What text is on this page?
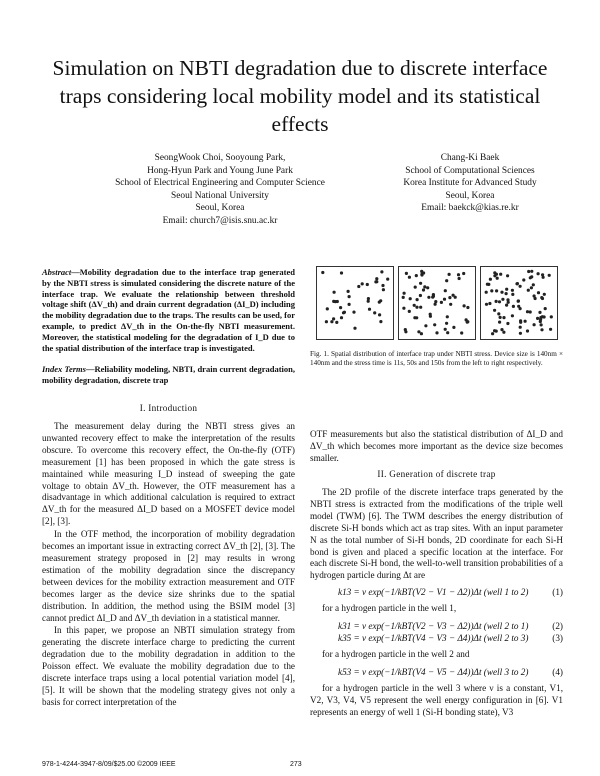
Simulation on NBTI degradation due to discrete interface traps considering local mobility model and its statistical effects
SeongWook Choi, Sooyoung Park,
Hong-Hyun Park and Young June Park
School of Electrical Engineering and Computer Science
Seoul National University
Seoul, Korea
Email: church7@isis.snu.ac.kr
Chang-Ki Baek
School of Computational Sciences
Korea Institute for Advanced Study
Seoul, Korea
Email: baekck@kias.re.kr
Abstract—Mobility degradation due to the interface trap generated by the NBTI stress is simulated considering the discrete nature of the interface trap. We evaluate the relationship between threshold voltage shift (ΔV_th) and drain current degradation (ΔI_D) including the mobility degradation due to the traps. The results can be used, for example, to predict ΔV_th in the On-the-fly NBTI measurement. Moreover, the statistical modeling for the degradation of I_D due to the spatial distribution of the interface trap is investigated.
Index Terms—Reliability modeling, NBTI, drain current degradation, mobility degradation, discrete trap
I. Introduction

The measurement delay during the NBTI stress gives an unwanted recovery effect to make the interpretation of the results obscure. To overcome this recovery effect, the On-the-fly (OTF) measurement [1] has been proposed in which the gate stress is maintained while measuring I_D instead of sweeping the gate voltage to obtain ΔV_th. However, the OTF measurement has a disadvantage in which additional calculation is required to extract ΔV_th for the measured ΔI_D based on a MOSFET device model [2], [3].

In the OTF method, the incorporation of mobility degradation becomes an important issue in extracting correct ΔV_th [2], [3]. The measurement strategy proposed in [2] may results in wrong estimation of the mobility degradation since the discrepancy between devices for the mobility extraction measurement and OTF becomes larger as the device size shrinks due to the spatial distribution. In addition, the method using the BSIM model [3] cannot predict ΔI_D and ΔV_th deviation in a statistical manner.

In this paper, we propose an NBTI simulation strategy from generating the discrete interface charge to predicting the current degradation due to the mobility degradation in addition to the Poisson effect. We evaluate the mobility degradation due to the discrete interface traps using a local potential variation model [4], [5]. It will be shown that the modeling strategy gives not only a basis for correct interpretation of the

Fig. 1. Spatial distribution of interface trap under NBTI stress. Device size is 140nm × 140nm and the stress time is 11s, 50s and 150s from the left to right respectively.

OTF measurements but also the statistical distribution of ΔI_D and ΔV_th which becomes more important as the device size becomes smaller.

II. Generation of discrete trap

The 2D profile of the discrete interface traps generated by the NBTI stress is extracted from the modifications of the triple well model (TWM) [6]. The TWM describes the energy distribution of discrete Si-H bonds which act as trap sites. With an input parameter N as the total number of Si-H bonds, 2D coordinate for each Si-H bond is given and placed a specific location at the interface. For each discrete Si-H bond, the well-to-well transition probabilities of a hydrogen particle during Δt are

k13 = ν exp(−1/kBT(V2 − V1 − Δ2))Δt (well 1 to 2)	(1)

for a hydrogen particle in the well 1,

k31 = ν exp(−1/kBT(V2 − V3 − Δ2))Δt (well 2 to 1)	(2)
k35 = ν exp(−1/kBT(V4 − V3 − Δ4))Δt (well 2 to 3)	(3)

for a hydrogen particle in the well 2 and

k53 = ν exp(−1/kBT(V4 − V5 − Δ4))Δt (well 3 to 2)	(4)

for a hydrogen particle in the well 3 where ν is a constant, V1, V2, V3, V4, V5 represent the well energy configuration in [6]. V1 represents an energy of well 1 (Si-H bonding state), V3

978-1-4244-3947-8/09/$25.00 ©2009 IEEE	273
